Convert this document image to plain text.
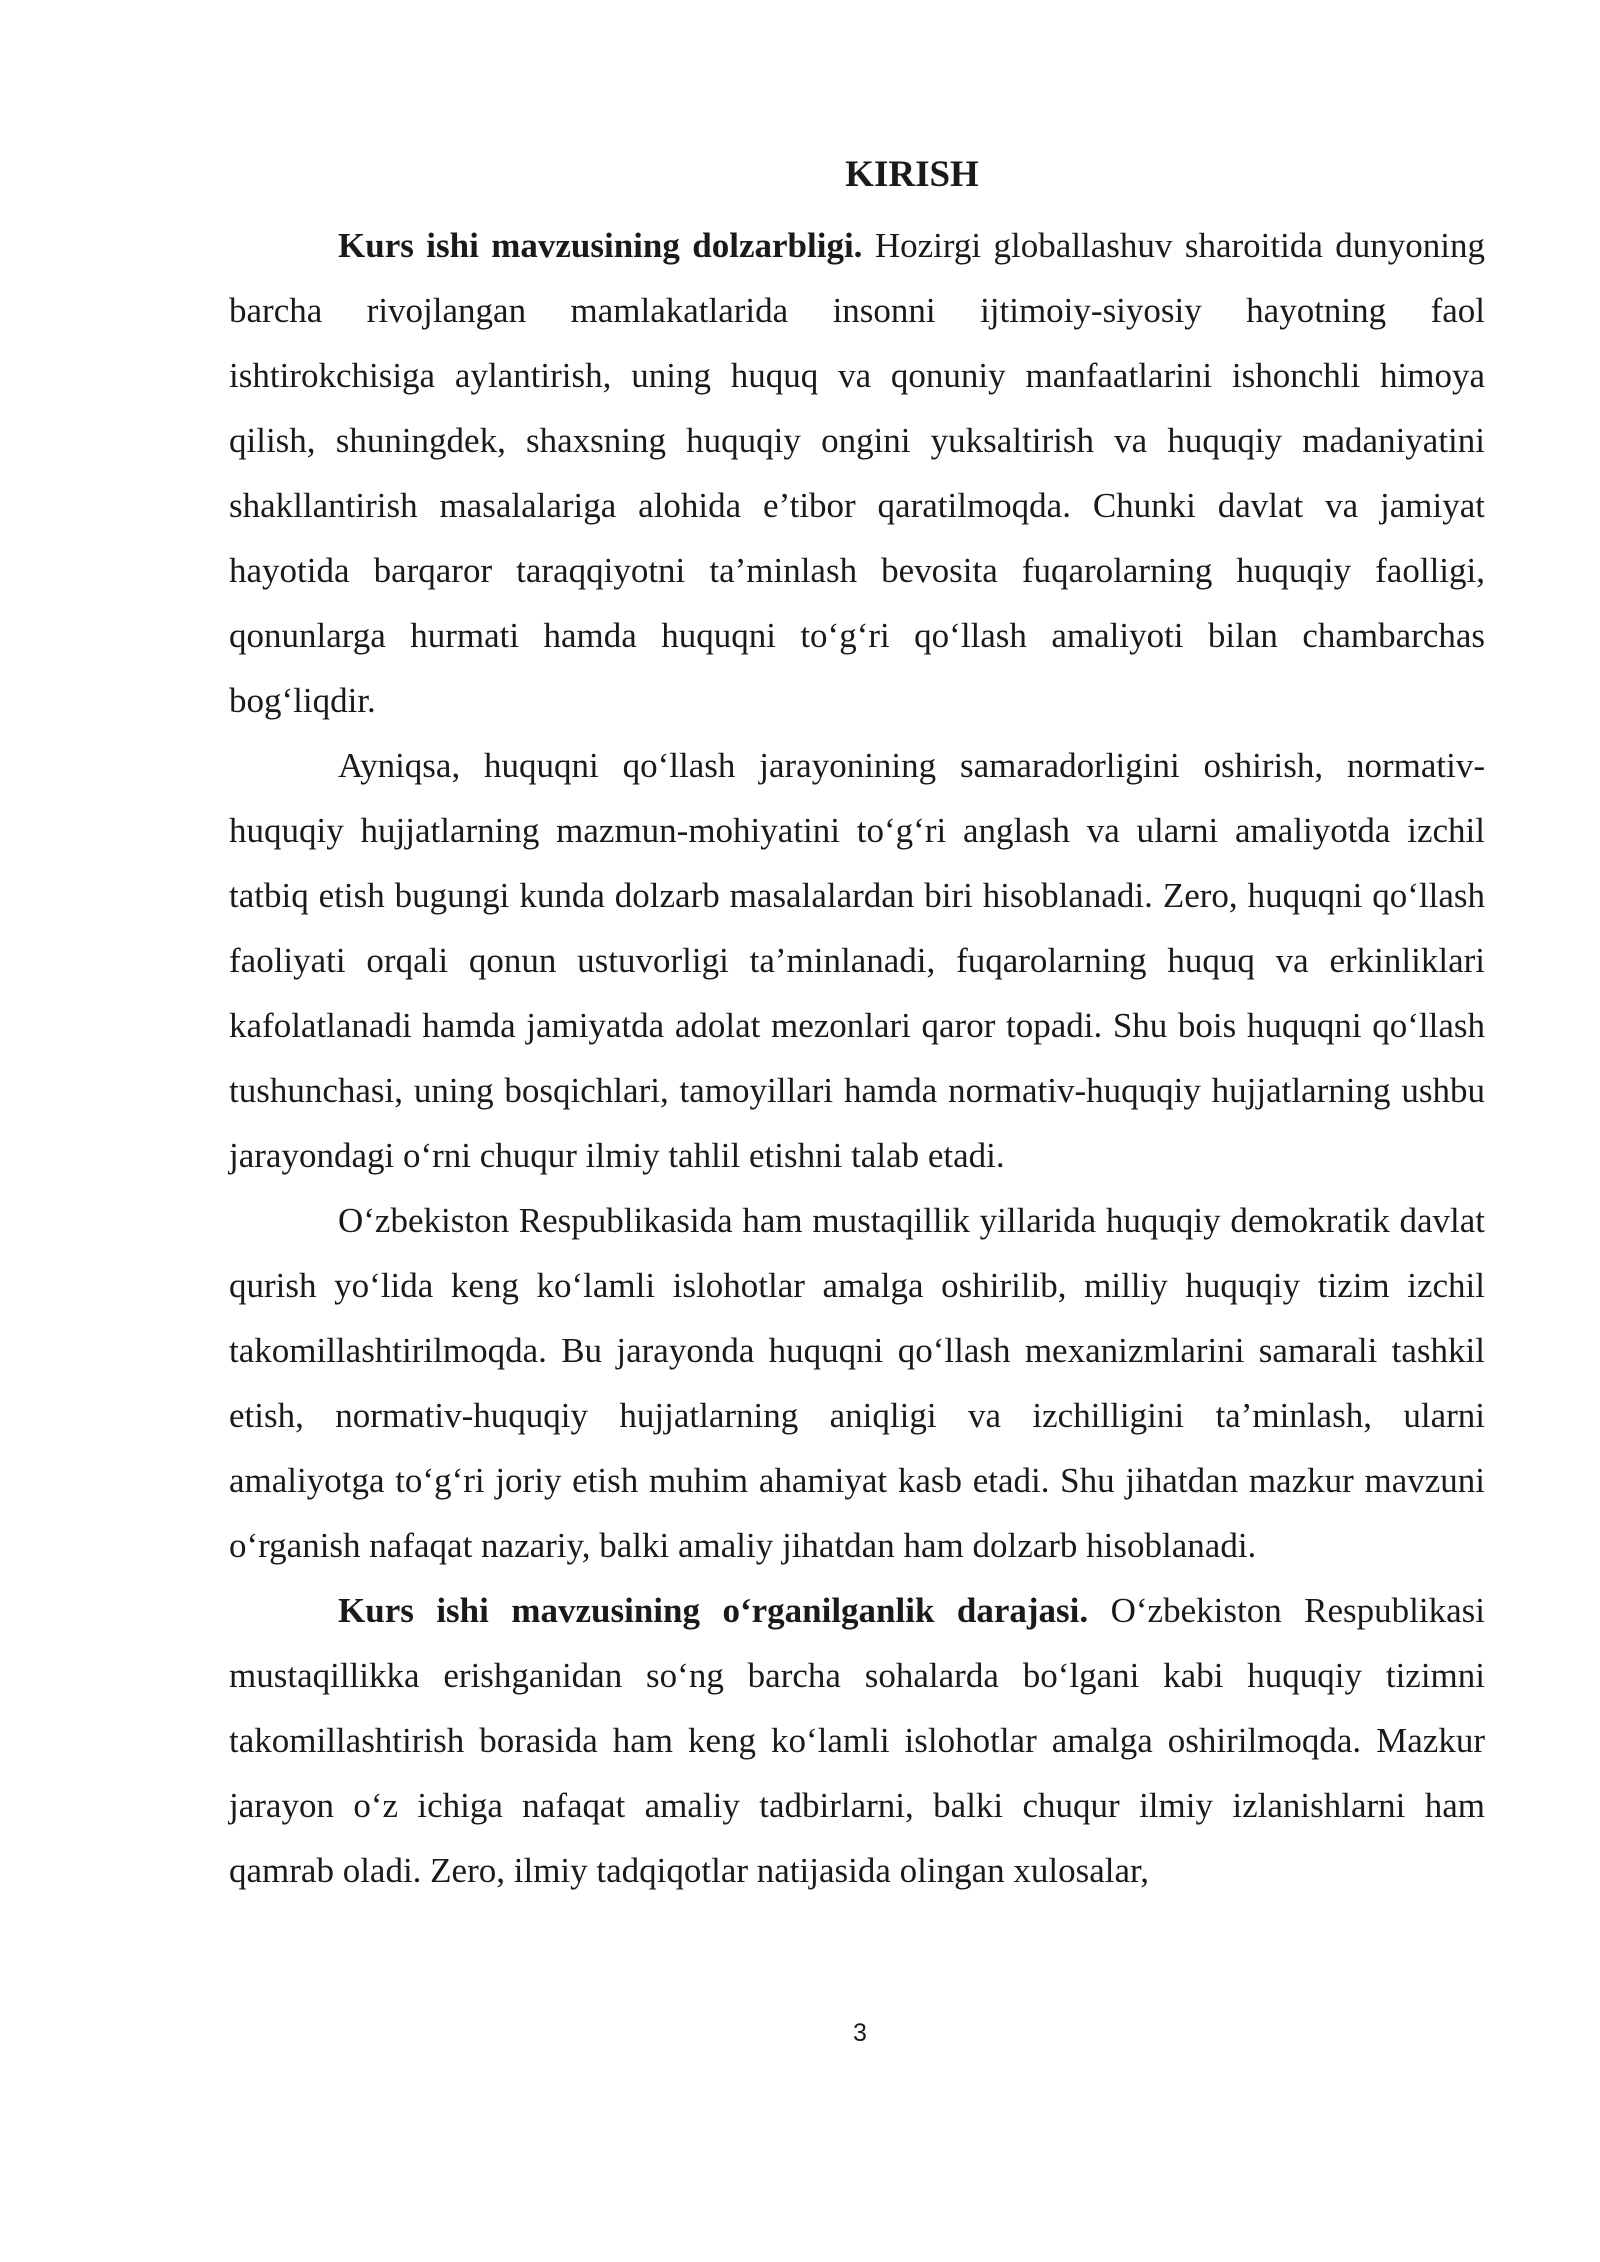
KIRISH

Kurs ishi mavzusining dolzarbligi. Hozirgi globallashuv sharoitida dunyoning barcha rivojlangan mamlakatlarida insonni ijtimoiy-siyosiy hayotning faol ishtirokchisiga aylantirish, uning huquq va qonuniy manfaatlarini ishonchli himoya qilish, shuningdek, shaxsning huquqiy ongini yuksaltirish va huquqiy madaniyatini shakllantirish masalalariga alohida e’tibor qaratilmoqda. Chunki davlat va jamiyat hayotida barqaror taraqqiyotni ta’minlash bevosita fuqarolarning huquqiy faolligi, qonunlarga hurmati hamda huquqni to‘g‘ri qo‘llash amaliyoti bilan chambarchas bog‘liqdir.

Ayniqsa, huquqni qo‘llash jarayonining samaradorligini oshirish, normativ-huquqiy hujjatlarning mazmun-mohiyatini to‘g‘ri anglash va ularni amaliyotda izchil tatbiq etish bugungi kunda dolzarb masalalardan biri hisoblanadi. Zero, huquqni qo‘llash faoliyati orqali qonun ustuvorligi ta’minlanadi, fuqarolarning huquq va erkinliklari kafolatlanadi hamda jamiyatda adolat mezonlari qaror topadi. Shu bois huquqni qo‘llash tushunchasi, uning bosqichlari, tamoyillari hamda normativ-huquqiy hujjatlarning ushbu jarayondagi o‘rni chuqur ilmiy tahlil etishni talab etadi.

O‘zbekiston Respublikasida ham mustaqillik yillarida huquqiy demokratik davlat qurish yo‘lida keng ko‘lamli islohotlar amalga oshirilib, milliy huquqiy tizim izchil takomillashtirilmoqda. Bu jarayonda huquqni qo‘llash mexanizmlarini samarali tashkil etish, normativ-huquqiy hujjatlarning aniqligi va izchilligini ta’minlash, ularni amaliyotga to‘g‘ri joriy etish muhim ahamiyat kasb etadi. Shu jihatdan mazkur mavzuni o‘rganish nafaqat nazariy, balki amaliy jihatdan ham dolzarb hisoblanadi.

Kurs ishi mavzusining o‘rganilganlik darajasi. O‘zbekiston Respublikasi mustaqillikka erishganidan so‘ng barcha sohalarda bo‘lgani kabi huquqiy tizimni takomillashtirish borasida ham keng ko‘lamli islohotlar amalga oshirilmoqda. Mazkur jarayon o‘z ichiga nafaqat amaliy tadbirlarni, balki chuqur ilmiy izlanishlarni ham qamrab oladi. Zero, ilmiy tadqiqotlar natijasida olingan xulosalar,

3
